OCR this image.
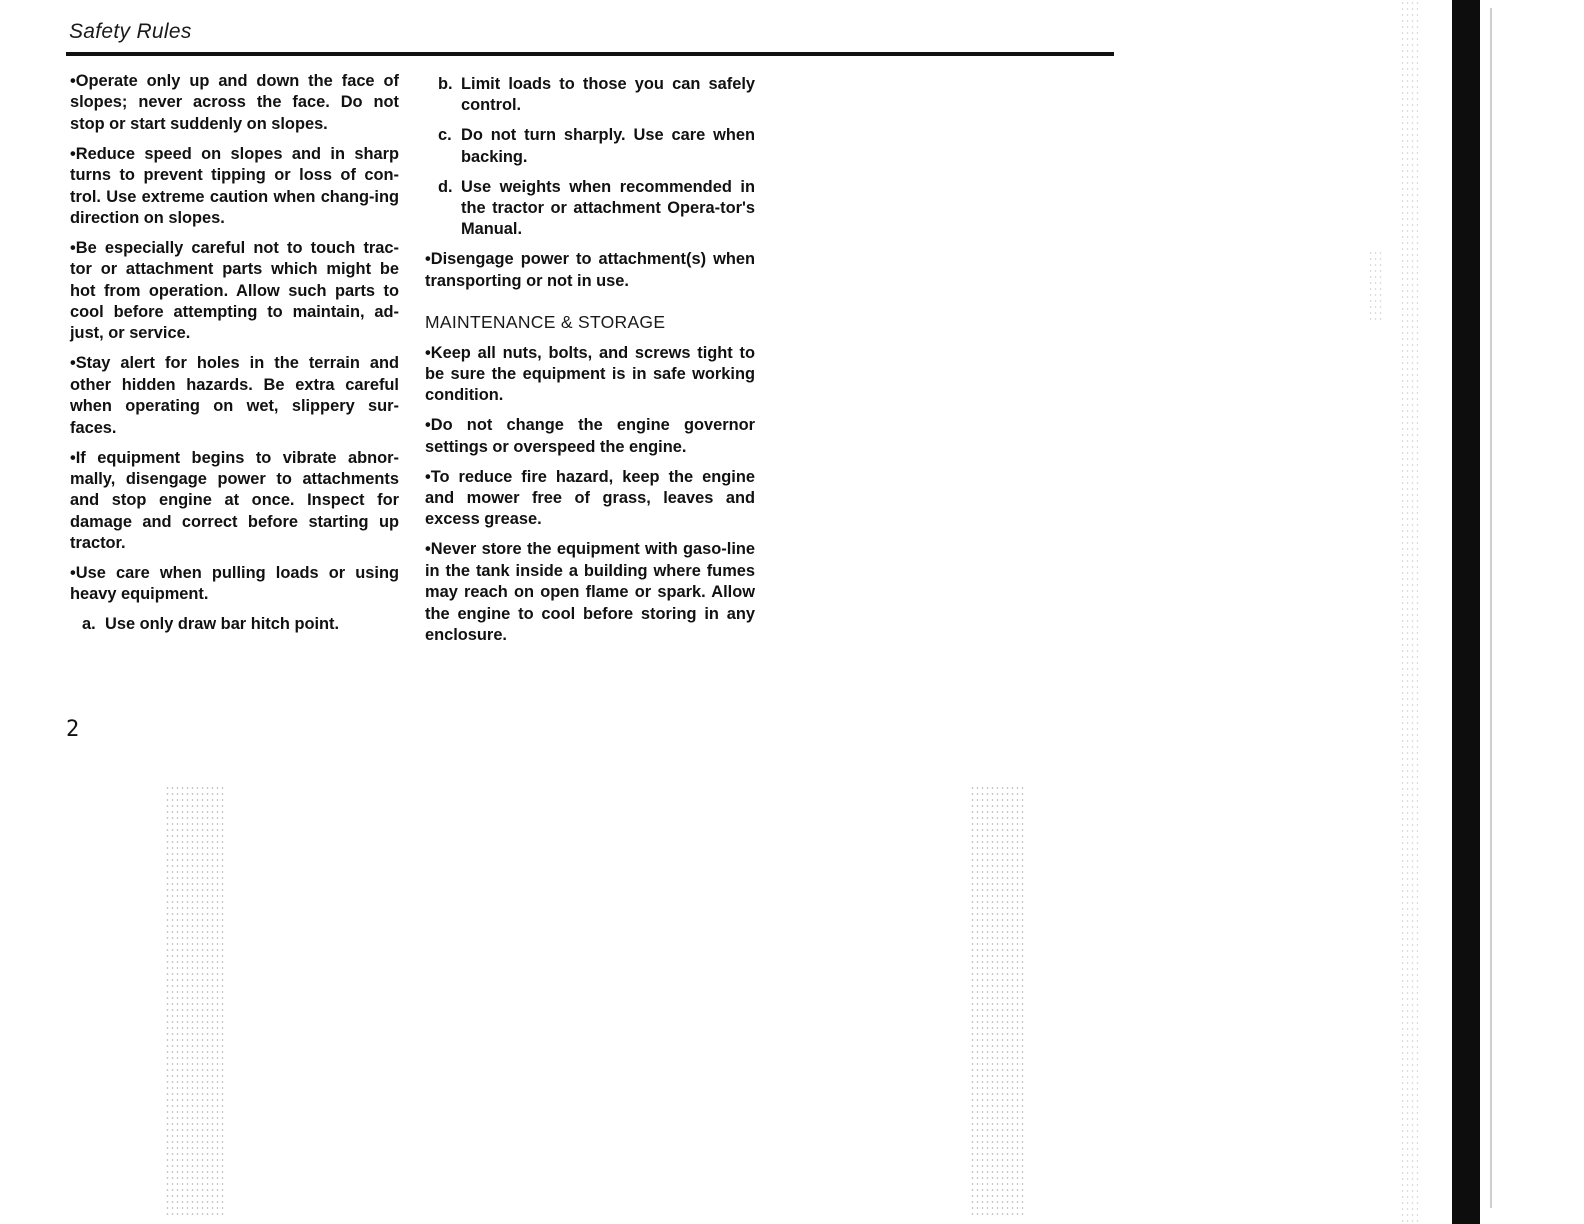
Safety Rules

•Operate only up and down the face of slopes; never across the face. Do not stop or start suddenly on slopes.

•Reduce speed on slopes and in sharp turns to prevent tipping or loss of con-trol. Use extreme caution when chang-ing direction on slopes.

•Be especially careful not to touch trac-tor or attachment parts which might be hot from operation. Allow such parts to cool before attempting to maintain, ad-just, or service.

•Stay alert for holes in the terrain and other hidden hazards. Be extra careful when operating on wet, slippery sur-faces.

•If equipment begins to vibrate abnor-mally, disengage power to attachments and stop engine at once. Inspect for damage and correct before starting up tractor.

•Use care when pulling loads or using heavy equipment.

a. Use only draw bar hitch point.
b. Limit loads to those you can safely control.
c. Do not turn sharply. Use care when backing.
d. Use weights when recommended in the tractor or attachment Opera-tor's Manual.

•Disengage power to attachment(s) when transporting or not in use.

MAINTENANCE & STORAGE

•Keep all nuts, bolts, and screws tight to be sure the equipment is in safe working condition.

•Do not change the engine governor settings or overspeed the engine.

•To reduce fire hazard, keep the engine and mower free of grass, leaves and excess grease.

•Never store the equipment with gaso-line in the tank inside a building where fumes may reach on open flame or spark. Allow the engine to cool before storing in any enclosure.

2
